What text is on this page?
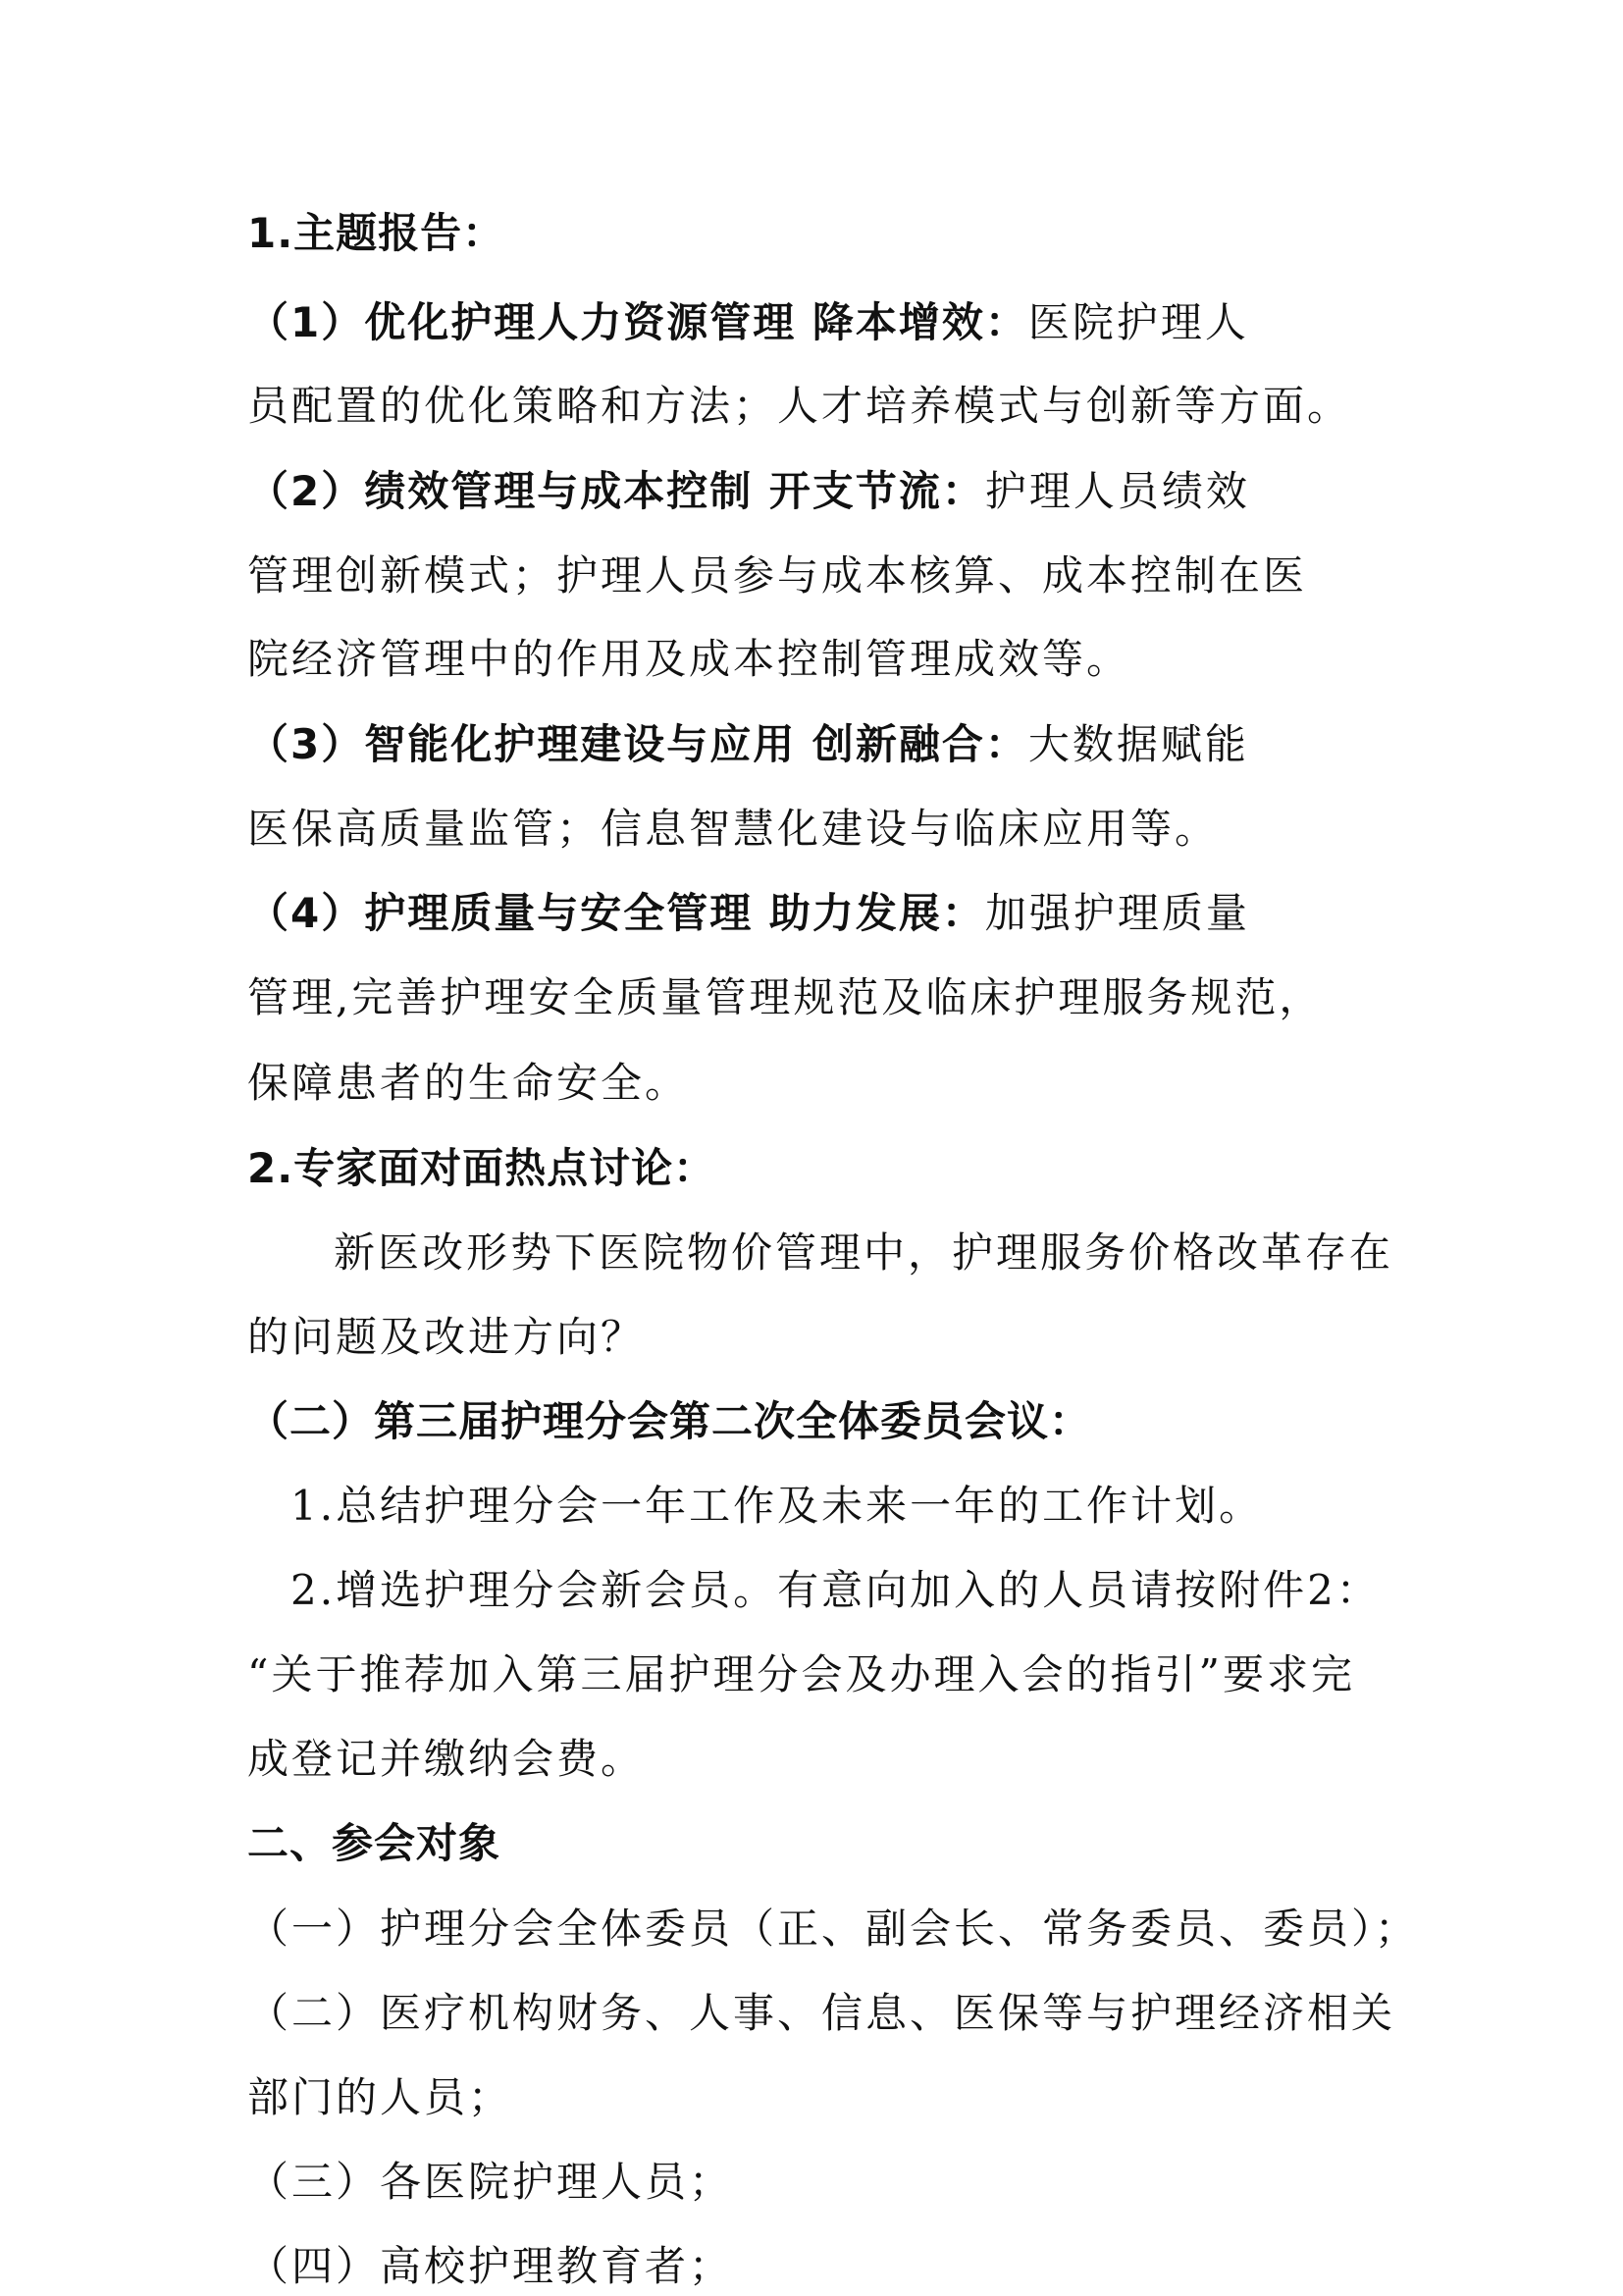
1.主题报告：
（1）优化护理人力资源管理 降本增效：医院护理人
员配置的优化策略和方法；人才培养模式与创新等方面。
（2）绩效管理与成本控制 开支节流：护理人员绩效
管理创新模式；护理人员参与成本核算、成本控制在医
院经济管理中的作用及成本控制管理成效等。
（3）智能化护理建设与应用 创新融合：大数据赋能
医保高质量监管；信息智慧化建设与临床应用等。
（4）护理质量与安全管理 助力发展：加强护理质量
管理,完善护理安全质量管理规范及临床护理服务规范，
保障患者的生命安全。
2.专家面对面热点讨论：
新医改形势下医院物价管理中，护理服务价格改革存在
的问题及改进方向？
（二）第三届护理分会第二次全体委员会议：
1.总结护理分会一年工作及未来一年的工作计划。
2.增选护理分会新会员。有意向加入的人员请按附件2：
“关于推荐加入第三届护理分会及办理入会的指引”要求完
成登记并缴纳会费。
二、参会对象
（一）护理分会全体委员（正、副会长、常务委员、委员）；
（二）医疗机构财务、人事、信息、医保等与护理经济相关
部门的人员；
（三）各医院护理人员；
（四）高校护理教育者；
